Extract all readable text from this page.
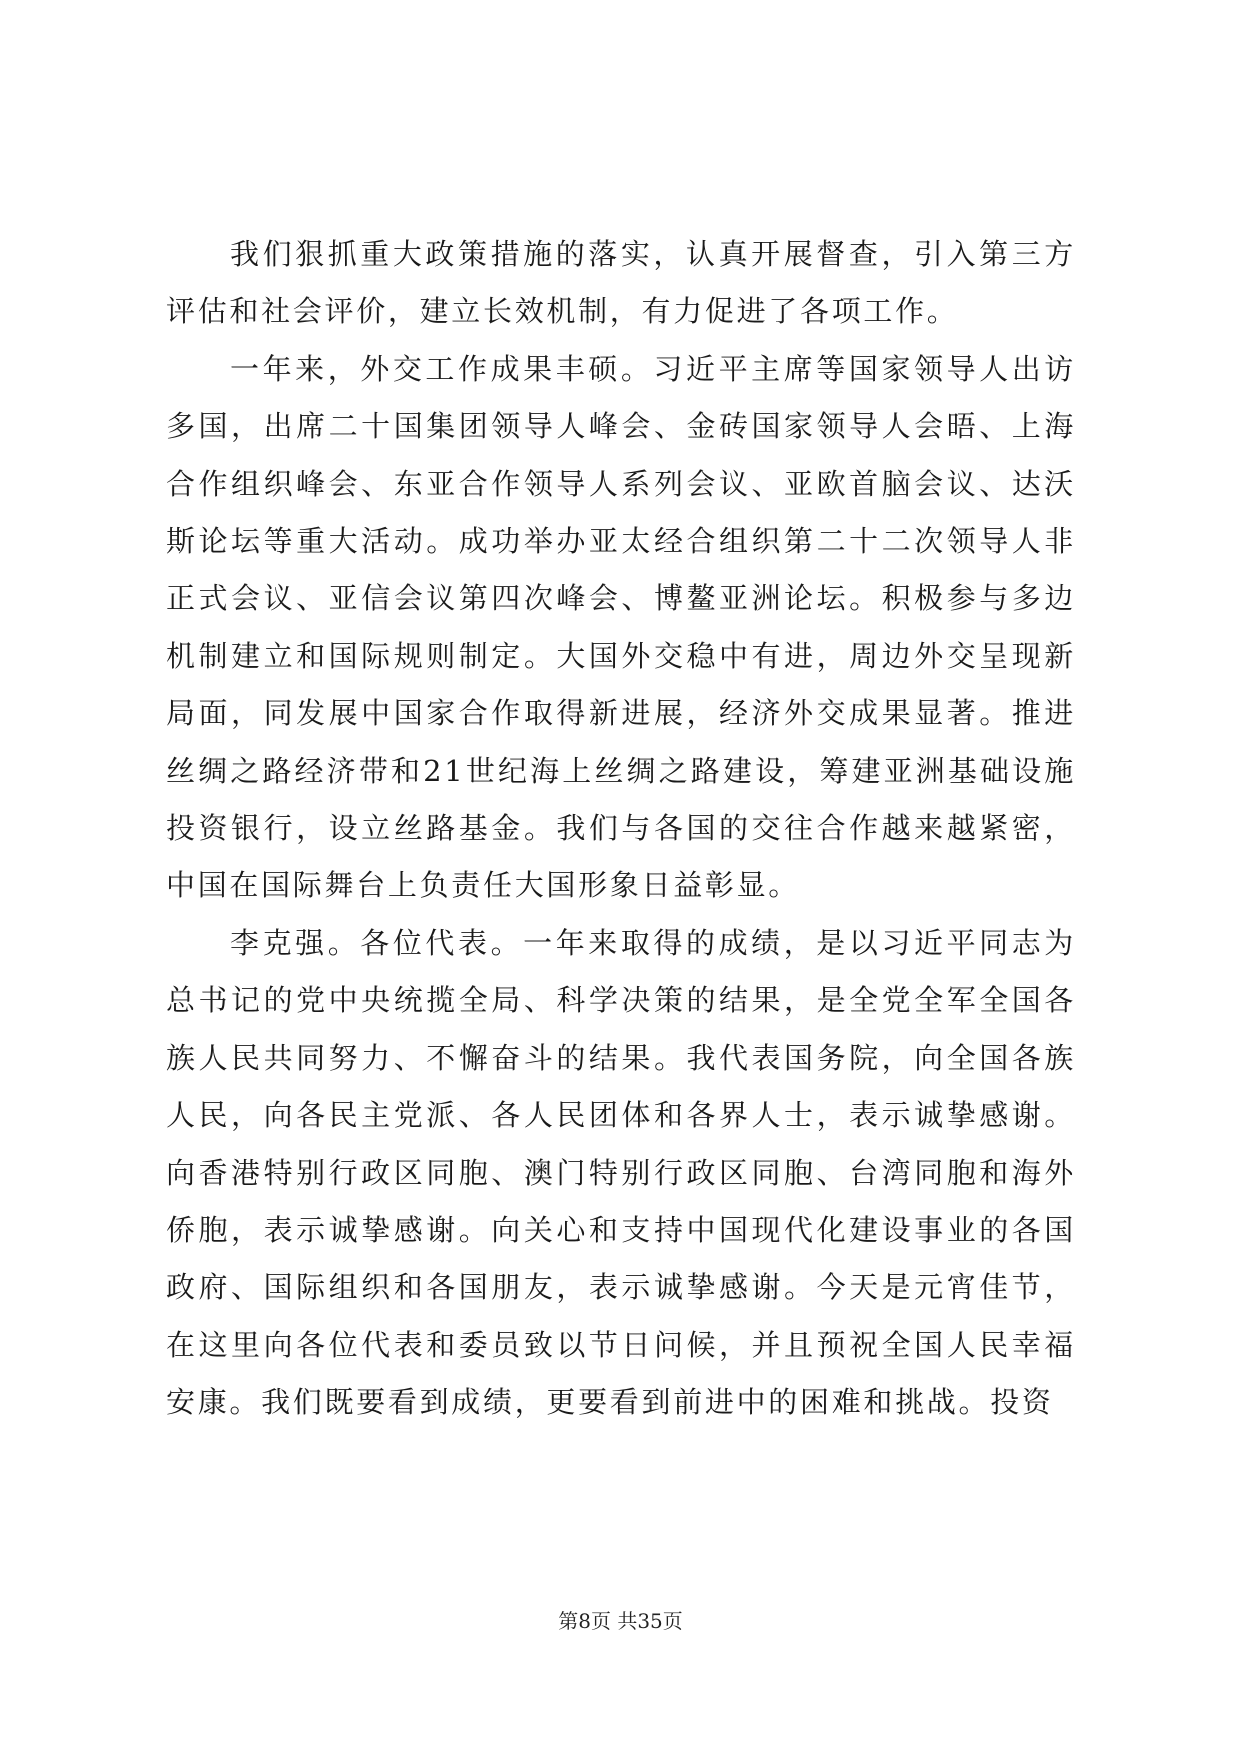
我们狠抓重大政策措施的落实，认真开展督查，引入第三方评估和社会评价，建立长效机制，有力促进了各项工作。

一年来，外交工作成果丰硕。习近平主席等国家领导人出访多国，出席二十国集团领导人峰会、金砖国家领导人会晤、上海合作组织峰会、东亚合作领导人系列会议、亚欧首脑会议、达沃斯论坛等重大活动。成功举办亚太经合组织第二十二次领导人非正式会议、亚信会议第四次峰会、博鳌亚洲论坛。积极参与多边机制建立和国际规则制定。大国外交稳中有进，周边外交呈现新局面，同发展中国家合作取得新进展，经济外交成果显著。推进丝绸之路经济带和21世纪海上丝绸之路建设，筹建亚洲基础设施投资银行，设立丝路基金。我们与各国的交往合作越来越紧密，中国在国际舞台上负责任大国形象日益彰显。

李克强。各位代表。一年来取得的成绩，是以习近平同志为总书记的党中央统揽全局、科学决策的结果，是全党全军全国各族人民共同努力、不懈奋斗的结果。我代表国务院，向全国各族人民，向各民主党派、各人民团体和各界人士，表示诚挚感谢。向香港特别行政区同胞、澳门特别行政区同胞、台湾同胞和海外侨胞，表示诚挚感谢。向关心和支持中国现代化建设事业的各国政府、国际组织和各国朋友，表示诚挚感谢。今天是元宵佳节，在这里向各位代表和委员致以节日问候，并且预祝全国人民幸福安康。我们既要看到成绩，更要看到前进中的困难和挑战。投资

第8页 共35页
